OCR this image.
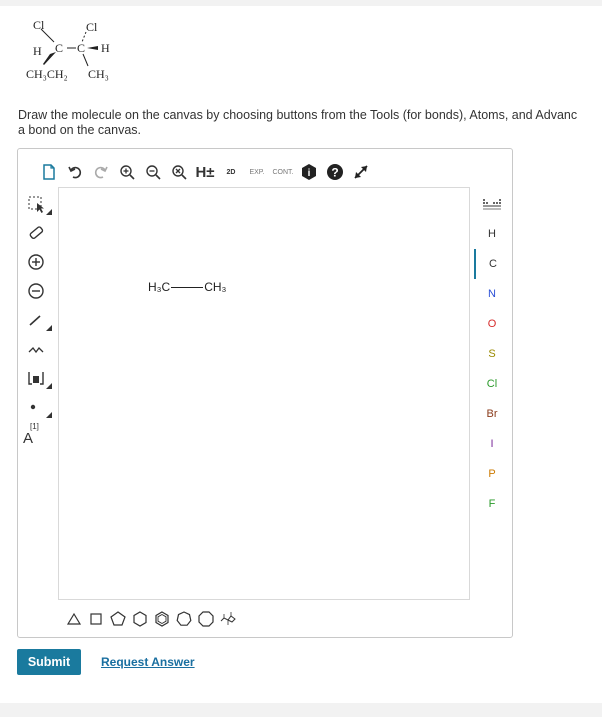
Cl	Cl
H C C H
CH₃CH₂ CH₃
Draw the molecule on the canvas by choosing buttons from the Tools (for bonds), Atoms, and Advanc
a bond on the canvas.
H±	2D EXP. CONT. i ?
[1]
A
H₃C	CH₃
H
C
N
O
S
Cl
Br
I
P
F
Submit	Request Answer
